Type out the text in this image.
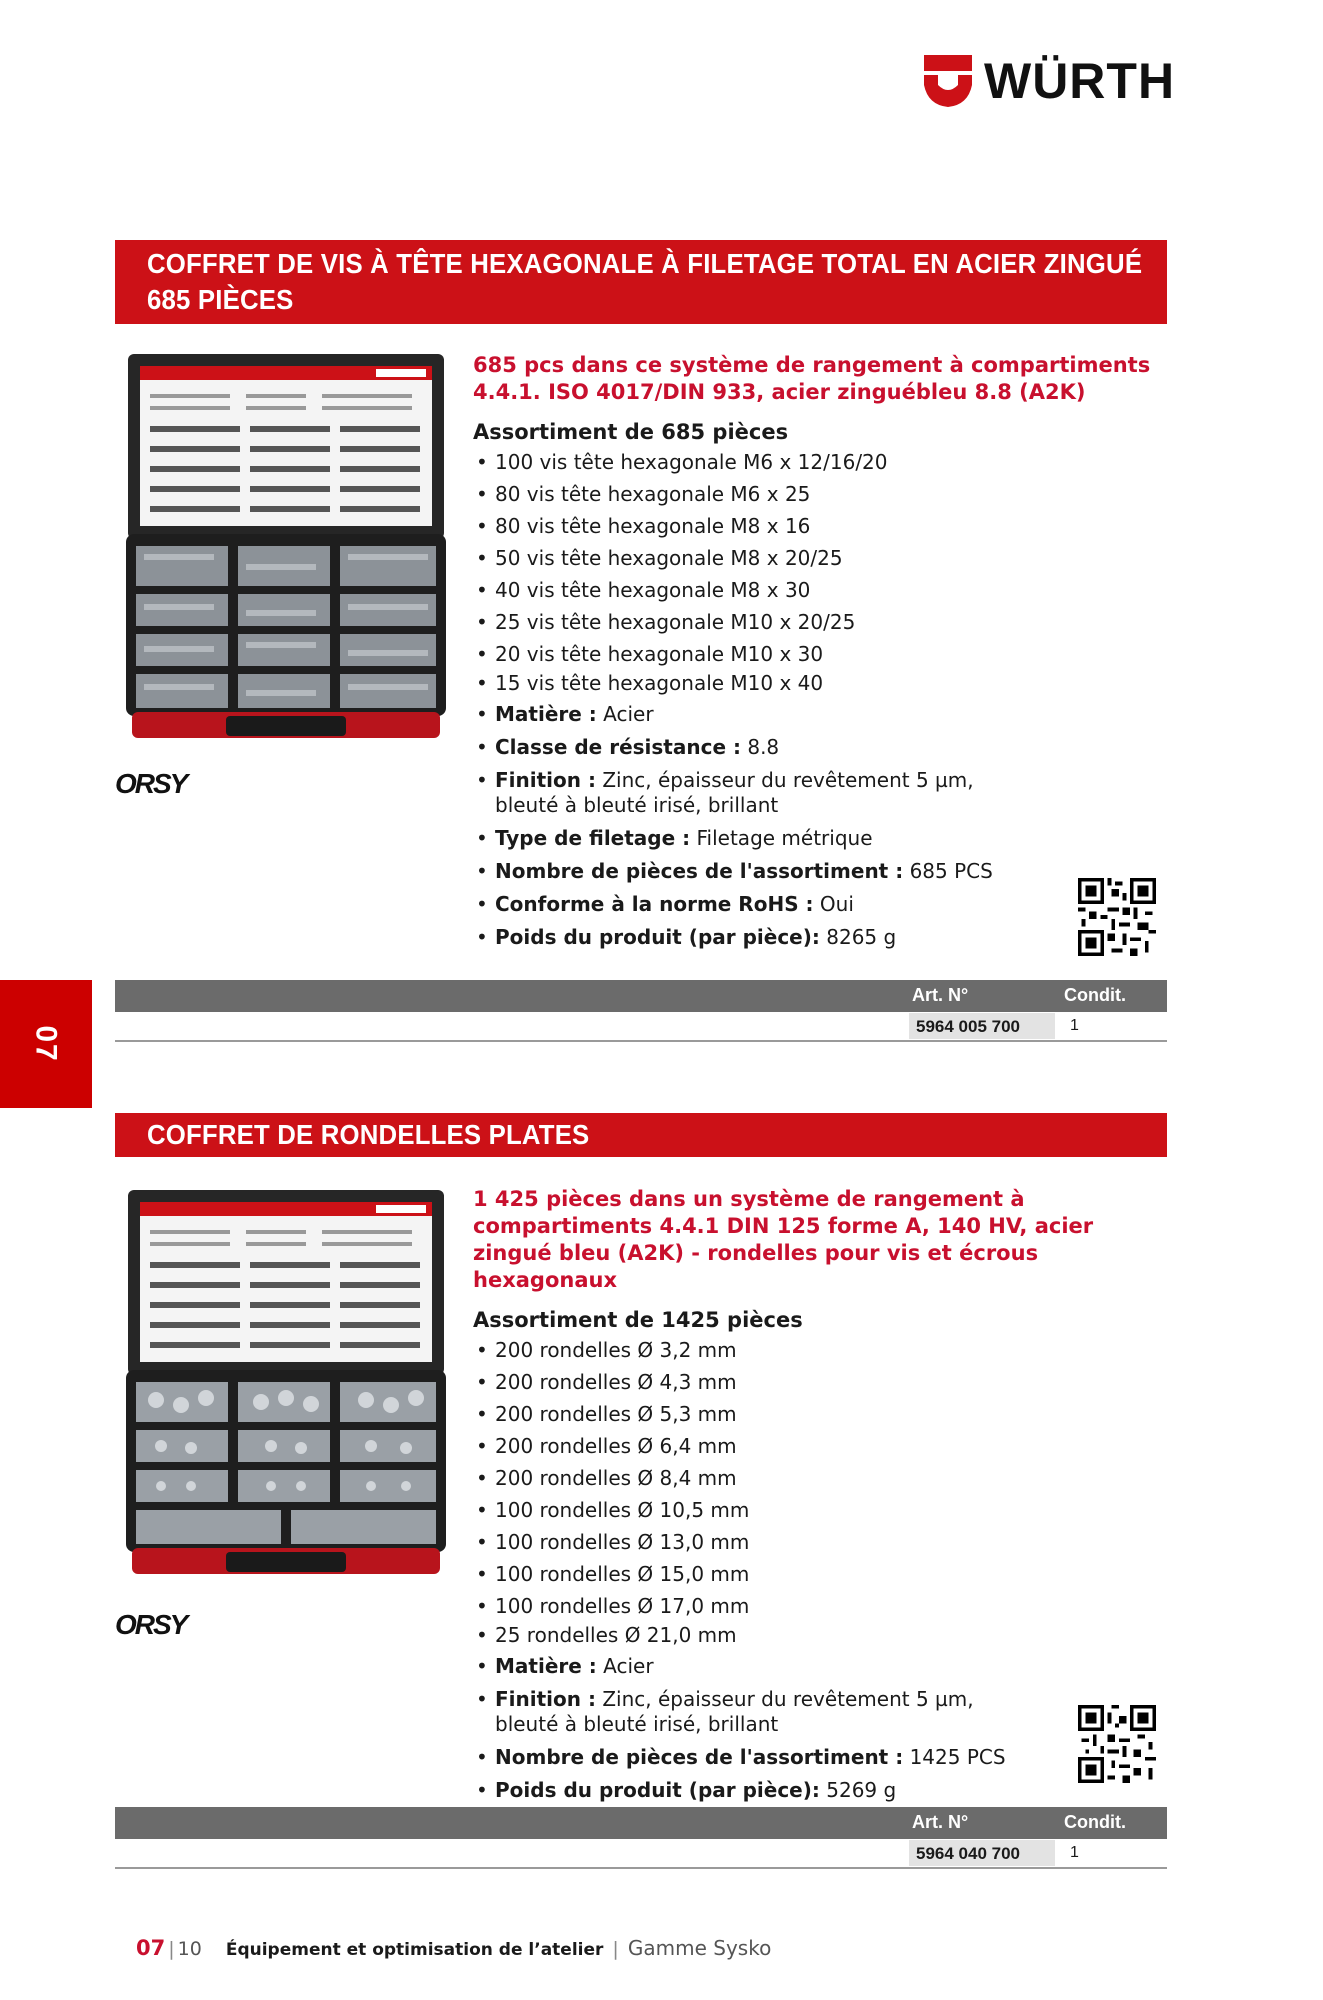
WÜRTH
07
COFFRET DE VIS À TÊTE HEXAGONALE À FILETAGE TOTAL EN ACIER ZINGUÉ
685 PIÈCES
ORSY
685 pcs dans ce système de rangement à compartiments 4.4.1. ISO 4017/DIN 933, acier zinguébleu 8.8 (A2K)
Assortiment de 685 pièces
• 100 vis tête hexagonale M6 x 12/16/20
• 80 vis tête hexagonale M6 x 25
• 80 vis tête hexagonale M8 x 16
• 50 vis tête hexagonale M8 x 20/25
• 40 vis tête hexagonale M8 x 30
• 25 vis tête hexagonale M10 x 20/25
• 20 vis tête hexagonale M10 x 30
• 15 vis tête hexagonale M10 x 40
• Matière : Acier
• Classe de résistance : 8.8
• Finition : Zinc, épaisseur du revêtement 5 µm, bleuté à bleuté irisé, brillant
• Type de filetage : Filetage métrique
• Nombre de pièces de l'assortiment : 685 PCS
• Conforme à la norme RoHS : Oui
• Poids du produit (par pièce): 8265 g
Art. N°	Condit.
5964 005 700	1
COFFRET DE RONDELLES PLATES
ORSY
1 425 pièces dans un système de rangement à compartiments 4.4.1 DIN 125 forme A, 140 HV, acier zingué bleu (A2K) - rondelles pour vis et écrous hexagonaux
Assortiment de 1425 pièces
• 200 rondelles Ø 3,2 mm
• 200 rondelles Ø 4,3 mm
• 200 rondelles Ø 5,3 mm
• 200 rondelles Ø 6,4 mm
• 200 rondelles Ø 8,4 mm
• 100 rondelles Ø 10,5 mm
• 100 rondelles Ø 13,0 mm
• 100 rondelles Ø 15,0 mm
• 100 rondelles Ø 17,0 mm
• 25 rondelles Ø 21,0 mm
• Matière : Acier
• Finition : Zinc, épaisseur du revêtement 5 µm, bleuté à bleuté irisé, brillant
• Nombre de pièces de l'assortiment : 1425 PCS
• Poids du produit (par pièce): 5269 g
Art. N°	Condit.
5964 040 700	1
07 | 10 Équipement et optimisation de l’atelier | Gamme Sysko
